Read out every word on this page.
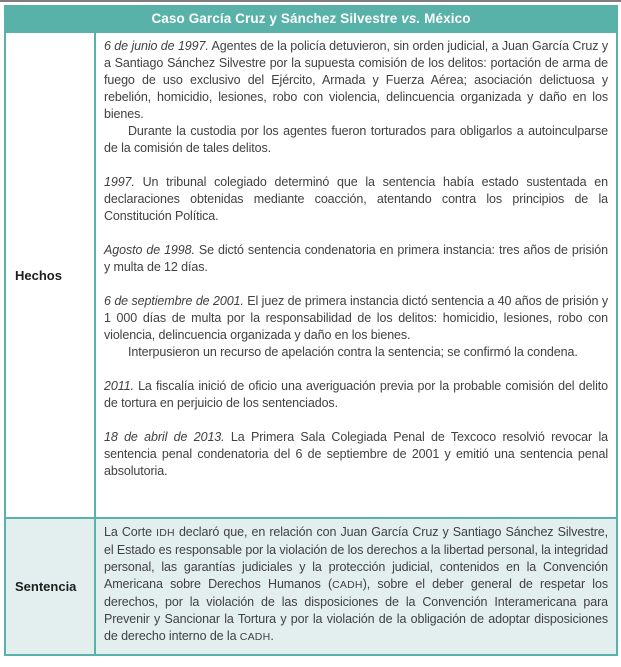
Caso García Cruz y Sánchez Silvestre vs. México
Hechos

6 de junio de 1997. Agentes de la policía detuvieron, sin orden judicial, a Juan García Cruz y a Santiago Sánchez Silvestre por la supuesta comisión de los delitos: portación de arma de fuego de uso exclusivo del Ejército, Armada y Fuerza Aérea; asociación delictuosa y rebelión, homicidio, lesiones, robo con violencia, delincuencia organizada y daño en los bienes.

Durante la custodia por los agentes fueron torturados para obligarlos a autoinculparse de la comisión de tales delitos.

1997. Un tribunal colegiado determinó que la sentencia había estado sustentada en declaraciones obtenidas mediante coacción, atentando contra los principios de la Constitución Política.

Agosto de 1998. Se dictó sentencia condenatoria en primera instancia: tres años de prisión y multa de 12 días.

6 de septiembre de 2001. El juez de primera instancia dictó sentencia a 40 años de prisión y 1 000 días de multa por la responsabilidad de los delitos: homicidio, lesiones, robo con violencia, delincuencia organizada y daño en los bienes.

Interpusieron un recurso de apelación contra la sentencia; se confirmó la condena.

2011. La fiscalía inició de oficio una averiguación previa por la probable comisión del delito de tortura en perjuicio de los sentenciados.

18 de abril de 2013. La Primera Sala Colegiada Penal de Texcoco resolvió revocar la sentencia penal condenatoria del 6 de septiembre de 2001 y emitió una sentencia penal absolutoria.

Sentencia

La Corte IDH declaró que, en relación con Juan García Cruz y Santiago Sánchez Silvestre, el Estado es responsable por la violación de los derechos a la libertad personal, la integridad personal, las garantías judiciales y la protección judicial, contenidos en la Convención Americana sobre Derechos Humanos (CADH), sobre el deber general de respetar los derechos, por la violación de las disposiciones de la Convención Interamericana para Prevenir y Sancionar la Tortura y por la violación de la obligación de adoptar disposiciones de derecho interno de la CADH.
